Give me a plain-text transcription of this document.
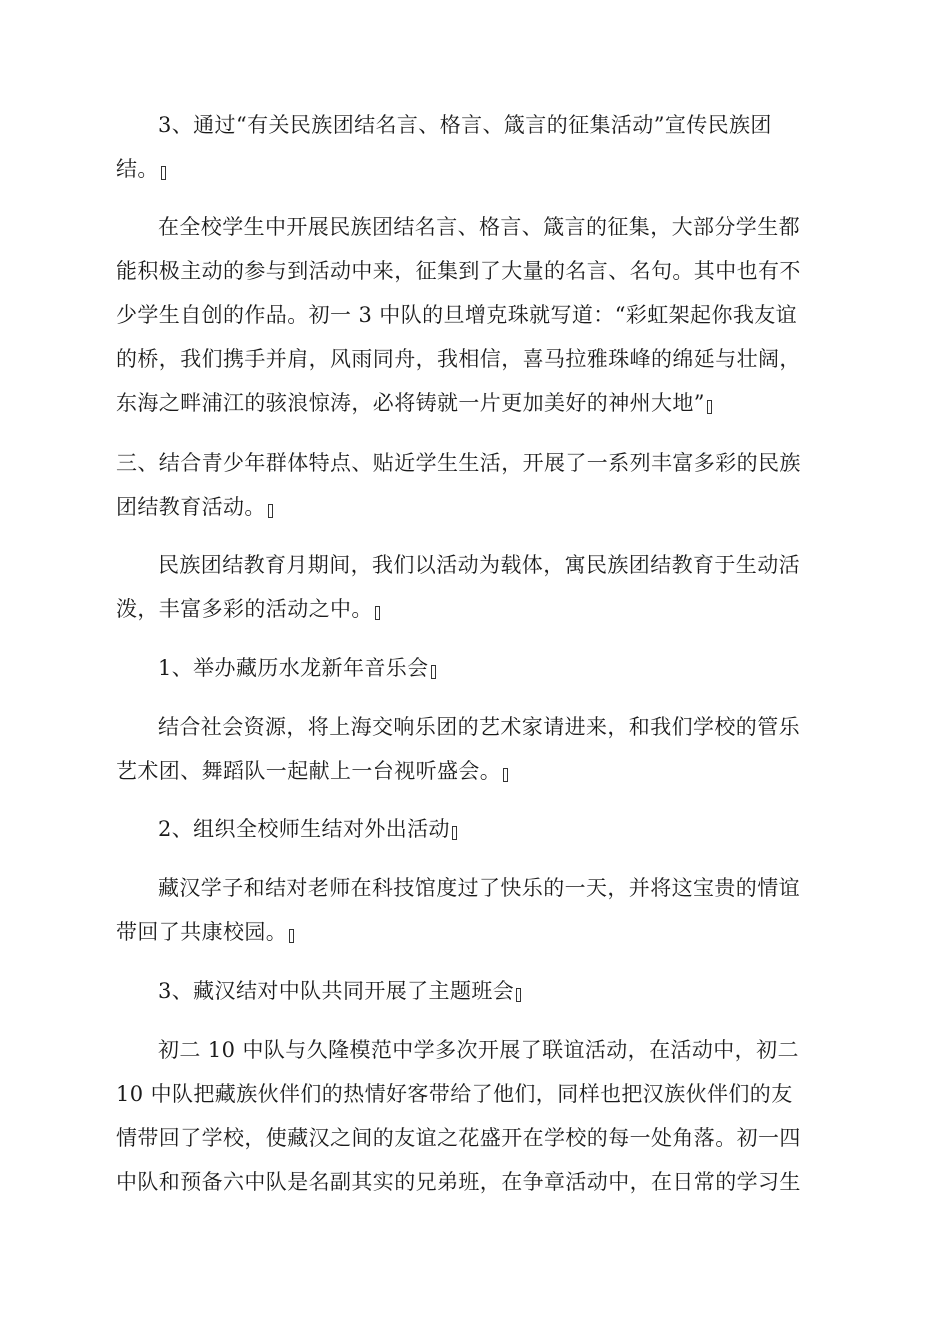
3、通过“有关民族团结名言、格言、箴言的征集活动”宣传民族团
结。

在全校学生中开展民族团结名言、格言、箴言的征集，大部分学生都
能积极主动的参与到活动中来，征集到了大量的名言、名句。其中也有不
少学生自创的作品。初一 3 中队的旦增克珠就写道：“彩虹架起你我友谊
的桥，我们携手并肩，风雨同舟，我相信，喜马拉雅珠峰的绵延与壮阔，
东海之畔浦江的骇浪惊涛，必将铸就一片更加美好的神州大地”

三、结合青少年群体特点、贴近学生生活，开展了一系列丰富多彩的民族
团结教育活动。

民族团结教育月期间，我们以活动为载体，寓民族团结教育于生动活
泼，丰富多彩的活动之中。

1、举办藏历水龙新年音乐会

结合社会资源，将上海交响乐团的艺术家请进来，和我们学校的管乐
艺术团、舞蹈队一起献上一台视听盛会。

2、组织全校师生结对外出活动

藏汉学子和结对老师在科技馆度过了快乐的一天，并将这宝贵的情谊
带回了共康校园。

3、藏汉结对中队共同开展了主题班会

初二 10 中队与久隆模范中学多次开展了联谊活动，在活动中，初二
10 中队把藏族伙伴们的热情好客带给了他们，同样也把汉族伙伴们的友
情带回了学校，使藏汉之间的友谊之花盛开在学校的每一处角落。初一四
中队和预备六中队是名副其实的兄弟班，在争章活动中，在日常的学习生
